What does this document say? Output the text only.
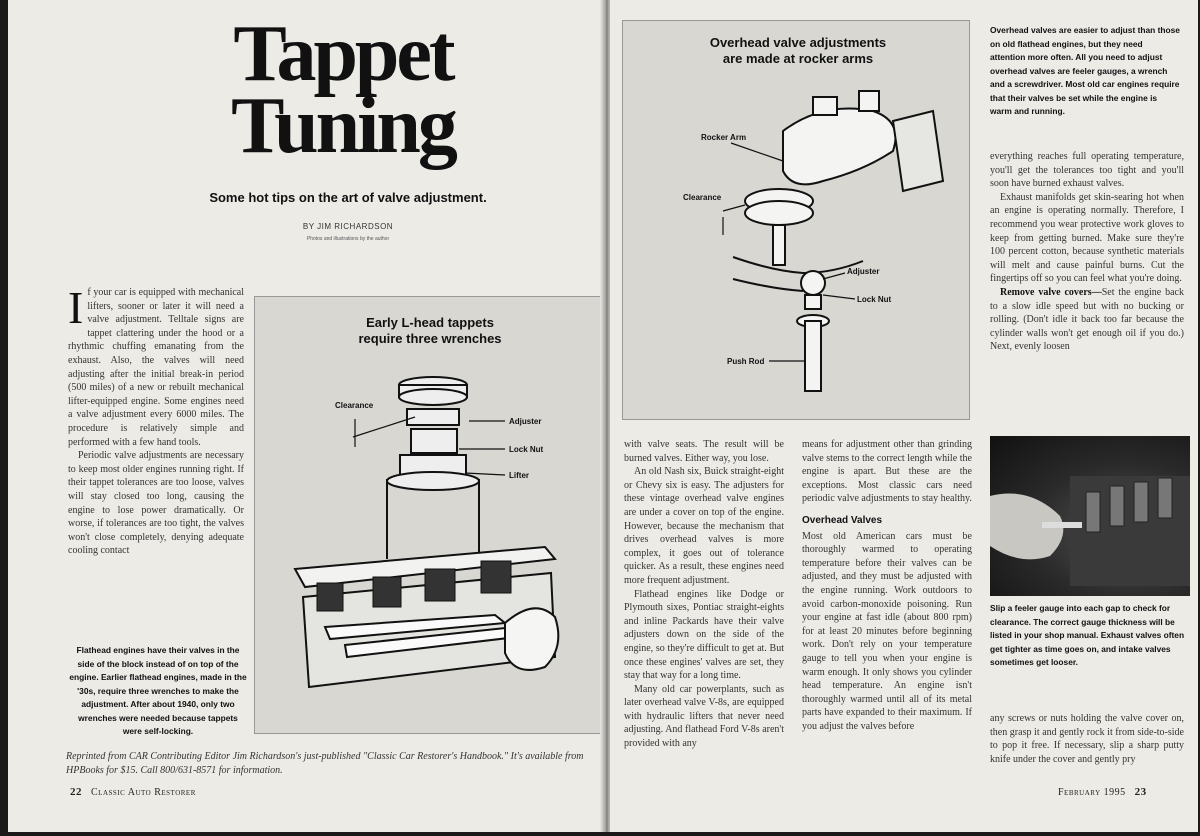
Tappet
Tuning
Some hot tips on the art of valve adjustment.
BY JIM RICHARDSON
Photos and illustrations by the author

If your car is equipped with mechanical lifters, sooner or later it will need a valve adjustment. Telltale signs are tappet clattering under the hood or a rhythmic chuffing emanating from the exhaust. Also, the valves will need adjusting after the initial break-in period (500 miles) of a new or rebuilt mechanical lifter-equipped engine. Some engines need a valve adjustment every 6000 miles. The procedure is relatively simple and performed with a few hand tools.

Periodic valve adjustments are necessary to keep most older engines running right. If their tappet tolerances are too loose, valves will stay closed too long, causing the engine to lose power dramatically. Or worse, if tolerances are too tight, the valves won't close completely, denying adequate cooling contact

Early L-head tappets
require three wrenches
Clearance
Adjuster
Lock Nut
Lifter
Flathead engines have their valves in the side of the block instead of on top of the engine. Earlier flathead engines, made in the '30s, require three wrenches to make the adjustment. After about 1940, only two wrenches were needed because tappets were self-locking.
Reprinted from CAR Contributing Editor Jim Richardson's just-published "Classic Car Restorer's Handbook." It's available from HPBooks for $15. Call 800/631-8571 for information.
22 Classic Auto Restorer
Overhead valve adjustments
are made at rocker arms
Rocker Arm
Clearance
Adjuster
Lock Nut
Push Rod
Overhead valves are easier to adjust than those on old flathead engines, but they need attention more often. All you need to adjust overhead valves are feeler gauges, a wrench and a screwdriver. Most old car engines require that their valves be set while the engine is warm and running.

with valve seats. The result will be burned valves. Either way, you lose.

An old Nash six, Buick straight-eight or Chevy six is easy. The adjusters for these vintage overhead valve engines are under a cover on top of the engine. However, because the mechanism that drives overhead valves is more complex, it goes out of tolerance quicker. As a result, these engines need more frequent adjustment.

Flathead engines like Dodge or Plymouth sixes, Pontiac straight-eights and inline Packards have their valve adjusters down on the side of the engine, so they're difficult to get at. But once these engines' valves are set, they stay that way for a long time.

Many old car powerplants, such as later overhead valve V-8s, are equipped with hydraulic lifters that never need adjusting. And flathead Ford V-8s aren't provided with any

means for adjustment other than grinding valve stems to the correct length while the engine is apart. But these are the exceptions. Most classic cars need periodic valve adjustments to stay healthy.

Overhead Valves

Most old American cars must be thoroughly warmed to operating temperature before their valves can be adjusted, and they must be adjusted with the engine running. Work outdoors to avoid carbon-monoxide poisoning. Run your engine at fast idle (about 800 rpm) for at least 20 minutes before beginning work. Don't rely on your temperature gauge to tell you when your engine is warm enough. It only shows you cylinder head temperature. An engine isn't thoroughly warmed until all of its metal parts have expanded to their maximum. If you adjust the valves before

everything reaches full operating temperature, you'll get the tolerances too tight and you'll soon have burned exhaust valves.

Exhaust manifolds get skin-searing hot when an engine is operating normally. Therefore, I recommend you wear protective work gloves to keep from getting burned. Make sure they're 100 percent cotton, because synthetic materials will melt and cause painful burns. Cut the fingertips off so you can feel what you're doing.

Remove valve covers—Set the engine back to a slow idle speed but with no bucking or rolling. (Don't idle it back too far because the cylinder walls won't get enough oil if you do.) Next, evenly loosen

Slip a feeler gauge into each gap to check for clearance. The correct gauge thickness will be listed in your shop manual. Exhaust valves often get tighter as time goes on, and intake valves sometimes get looser.

any screws or nuts holding the valve cover on, then grasp it and gently rock it from side-to-side to pop it free. If necessary, slip a sharp putty knife under the cover and gently pry

February 1995 23
